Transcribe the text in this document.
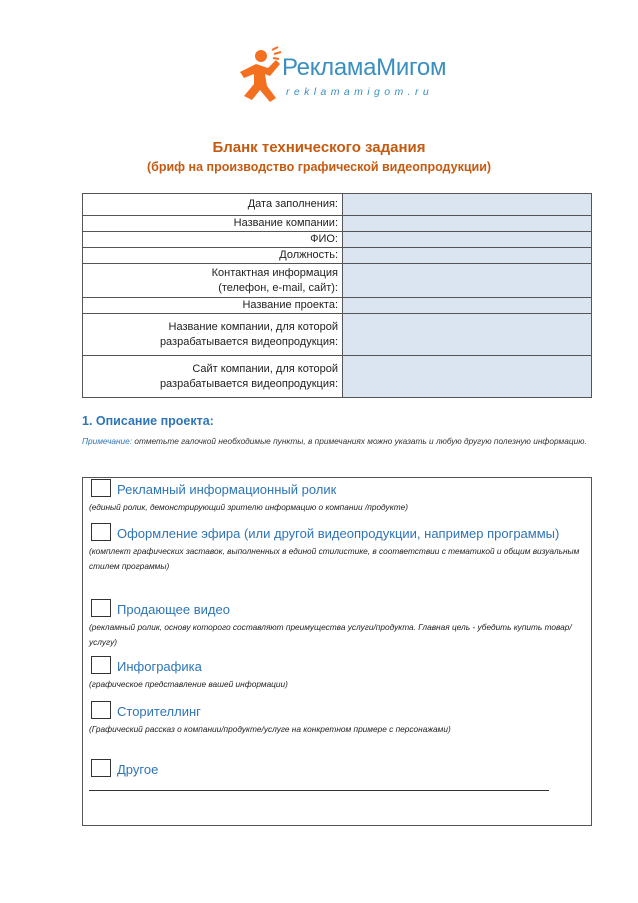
РекламаМигом
reklamamigom.ru
Бланк технического задания
(бриф на производство графической видеопродукции)
Дата заполнения:	
Название компании:	
ФИО:	
Должность:	

Контактная информация
(телефон, e-mail, сайт):	

Название проекта:	

Название компании, для которой
разрабатывается видеопродукция:	

Сайт компании, для которой
разрабатывается видеопродукция:	

1. Описание проекта:
Примечание: отметьте галочкой необходимые пункты, в примечаниях можно указать и любую другую полезную информацию.
Рекламный информационный ролик
(единый ролик, демонстрирующий зрителю информацию о компании /продукте)
Оформление эфира (или другой видеопродукции, например программы)
(комплект графических заставок, выполненных в единой стилистике, в соответствии с тематикой и общим визуальным стилем программы)
Продающее видео
(рекламный ролик, основу которого составляют преимущества услуги/продукта. Главная цель - убедить купить товар/услугу)
Инфографика
(графическое представление вашей информации)
Сторителлинг
(Графический рассказ о компании/продукте/услуге на конкретном примере с персонажами)
Другое
